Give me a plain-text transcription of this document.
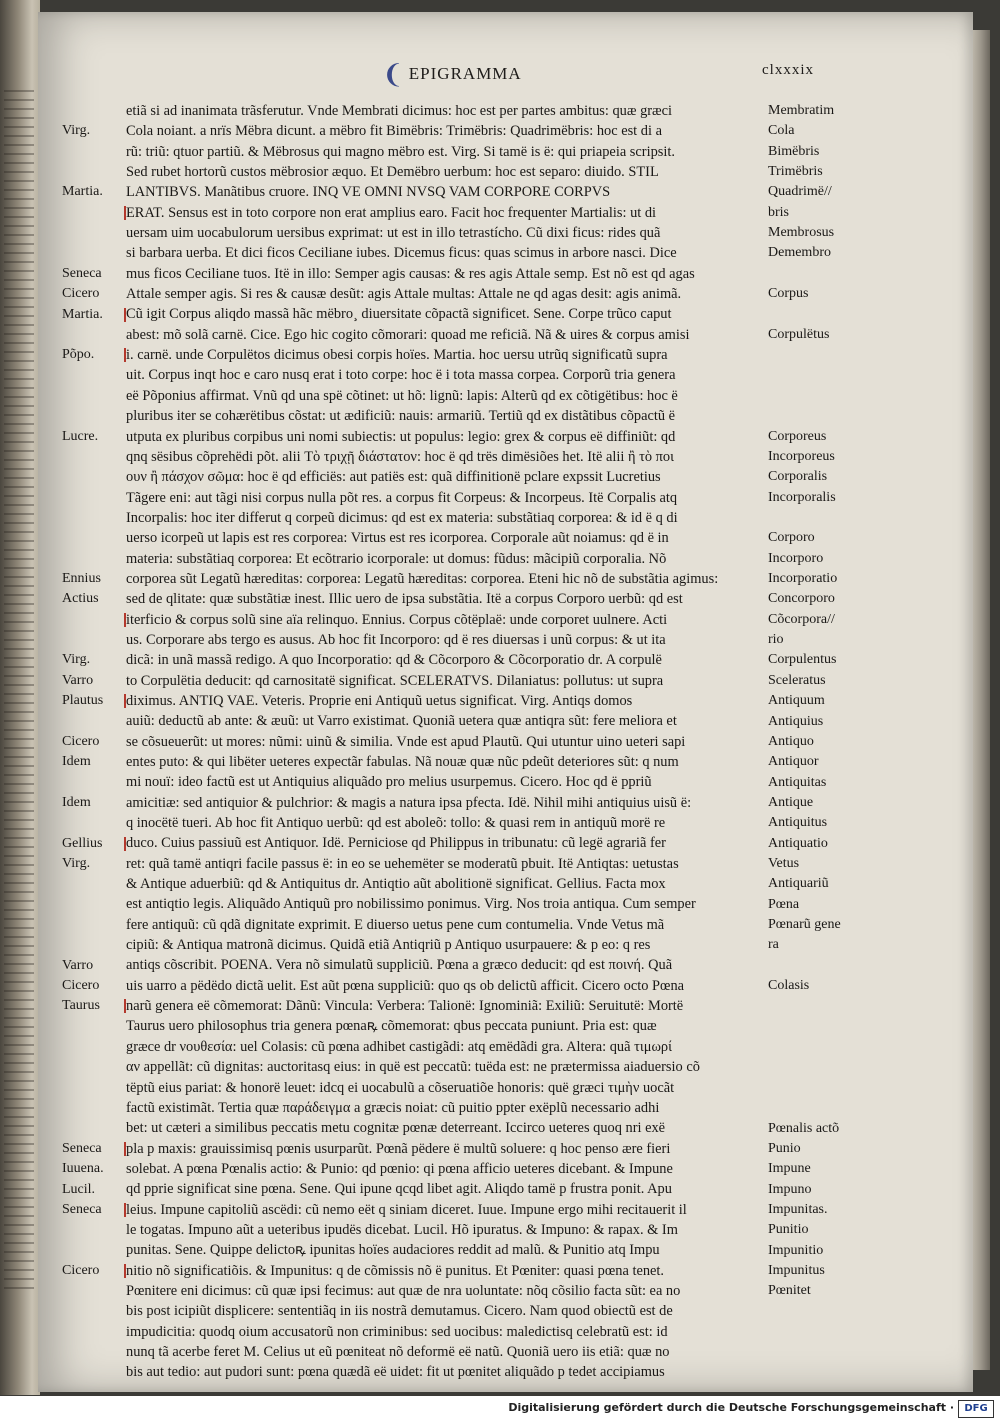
❨ EPIGRAMMA	clxxxix
etiã si ad inanimata trãsferutur. Vnde Membrati dicimus: hoc est per partes ambitus: quæ græci
Cola noiant. a nrïs Mëbra dicunt. a mëbro fit Bimëbris: Trimëbris: Quadrimëbris: hoc est di a
rũ: triũ: qtuor partiũ. & Mëbrosus qui magno mëbro est. Virg. Si tamë is ë: qui priapeia scripsit.
Sed rubet hortorũ custos mëbrosior æquo. Et Demëbro uerbum: hoc est separo: diuido. STIL
LANTIBVS. Manãtibus cruore. INQ VE OMNI NVSQ VAM CORPORE CORPVS
ERAT. Sensus est in toto corpore non erat amplius earo. Facit hoc frequenter Martialis: ut di
uersam uim uocabulorum uersibus exprimat: ut est in illo tetrastícho. Cũ dixi ficus: rides quã
si barbara uerba. Et dici ficos Ceciliane iubes. Dicemus ficus: quas scimus in arbore nasci. Dice
mus ficos Ceciliane tuos. Itë in illo: Semper agis causas: & res agis Attale semp. Est nõ est qd agas
Attale semper agis. Si res & causæ desũt: agis Attale multas: Attale ne qd agas desit: agis animã.
Cũ igit Corpus aliqdo massã hãc mëbro¸ diuersitate cõpactã significet. Sene. Corpe trũco caput
abest: mõ solã carnë. Cice. Ego hic cogito cõmorari: quoad me reficiã. Nã & uires & corpus amisi
i. carnë. unde Corpulëtos dicimus obesi corpis hoïes. Martia. hoc uersu utrũq significatũ supra
uit. Corpus inqt hoc e caro nusq erat i toto corpe: hoc ë i tota massa corpea. Corporũ tria genera
eë Põponius affirmat. Vnũ qd una spë cõtinet: ut hõ: lignũ: lapis: Alterũ qd ex cõtigëtibus: hoc ë
pluribus iter se cohærëtibus cõstat: ut ædificiũ: nauis: armariũ. Tertiũ qd ex distãtibus cõpactũ ë
utputa ex pluribus corpibus uni nomi subiectis: ut populus: legio: grex & corpus eë diffiniũt: qd
qnq sësibus cõprehëdi põt. alii Τὸ τριχῇ διάστατον: hoc ë qd trës dimësiões het. Itë alii ἢ τὸ ποι
ουν ἢ πάσχον σῶμα: hoc ë qd efficiës: aut patiës est: quã diffinitionë pclare expssit Lucretius
Tãgere eni: aut tãgi nisi corpus nulla põt res. a corpus fit Corpeus: & Incorpeus. Itë Corpalis atq
Incorpalis: hoc iter differut q corpeũ dicimus: qd est ex materia: substãtiaq corporea: & id ë q di
uerso icorpeũ ut lapis est res corporea: Virtus est res icorporea. Corporale aũt noiamus: qd ë in
materia: substãtiaq corporea: Et ecõtrario icorporale: ut domus: fũdus: mãcipiũ corporalia. Nõ
corporea sũt Legatũ hæreditas: corporea: Legatũ hæreditas: corporea. Eteni hic nõ de substãtia agimus:
sed de qlitate: quæ substãtiæ inest. Illic uero de ipsa substãtia. Itë a corpus Corporo uerbũ: qd est
iterficio & corpus solũ sine aïa relinquo. Ennius. Corpus cõtëplaë: unde corporet uulnere. Acti
us. Corporare abs tergo es ausus. Ab hoc fit Incorporo: qd ë res diuersas i unũ corpus: & ut ita
dicã: in unã massã redigo. A quo Incorporatio: qd & Cõcorporo & Cõcorporatio dr. A corpulë
to Corpulëtia deducit: qd carnositatë significat. SCELERATVS. Dilaniatus: pollutus: ut supra
diximus. ANTIQ VAE. Veteris. Proprie eni Antiquũ uetus significat. Virg. Antiqs domos
auiũ: deductũ ab ante: & æuũ: ut Varro existimat. Quoniã uetera quæ antiqra sũt: fere meliora et
se cõsueuerũt: ut mores: nũmi: uinũ & similia. Vnde est apud Plautũ. Qui utuntur uino ueteri sapi
entes puto: & qui libëter ueteres expectãr fabulas. Nã nouæ quæ nũc pdeũt deteriores sũt: q num
mi nouï: ideo factũ est ut Antiquius aliquãdo pro melius usurpemus. Cicero. Hoc qd ë ppriũ
amicitiæ: sed antiquior & pulchrior: & magis a natura ipsa pfecta. Idë. Nihil mihi antiquius uisũ ë:
q inocëtë tueri. Ab hoc fit Antiquo uerbũ: qd est aboleõ: tollo: & quasi rem in antiquũ morë re
duco. Cuius passiuũ est Antiquor. Idë. Perniciose qd Philippus in tribunatu: cũ legë agrariã fer
ret: quã tamë antiqri facile passus ë: in eo se uehemëter se moderatũ pbuit. Itë Antiqtas: uetustas
& Antique aduerbiũ: qd & Antiquitus dr. Antiqtio aũt abolitionë significat. Gellius. Facta mox
est antiqtio legis. Aliquãdo Antiquũ pro nobilissimo ponimus. Virg. Nos troia antiqua. Cum semper
fere antiquũ: cũ qdã dignitate exprimit. E diuerso uetus pene cum contumelia. Vnde Vetus mã
cipiũ: & Antiqua matronã dicimus. Quidã etiã Antiqriũ p Antiquo usurpauere: & p eo: q res
antiqs cõscribit. POENA. Vera nõ simulatũ suppliciũ. Pœna a græco deducit: qd est ποινή. Quã
uis uarro a pëdëdo dictã uelit. Est aũt pœna suppliciũ: quo qs ob delictũ afficit. Cicero octo Pœna
narũ genera eë cõmemorat: Dãnũ: Vincula: Verbera: Talionë: Ignominiã: Exiliũ: Seruitutë: Mortë
Taurus uero philosophus tria genera pœnaꝶ cõmemorat: qbus peccata puniunt. Pria est: quæ
græce dr νουθεσία: uel Colasis: cũ pœna adhibet castigãdi: atq emëdãdi gra. Altera: quã τιμωρί
αν appellãt: cũ dignitas: auctoritasq eius: in quë est peccatũ: tuëda est: ne prætermissa aiaduersio cõ
tëptũ eius pariat: & honorë leuet: idcq ei uocabulũ a cõseruatiõe honoris: quë græci τιμὴν uocãt
factũ existimãt. Tertia quæ παράδειγμα a græcis noiat: cũ puitio ppter exëplũ necessario adhi
bet: ut cæteri a similibus peccatis metu cognitæ pœnæ deterreant. Iccirco ueteres quoq nri exë
pla p maxis: grauissimisq pœnis usurparũt. Pœnã pëdere ë multũ soluere: q hoc penso ære fieri
solebat. A pœna Pœnalis actio: & Punio: qd pœnio: qi pœna afficio ueteres dicebant. & Impune
qd pprie significat sine pœna. Sene. Qui ipune qcqd libet agit. Aliqdo tamë p frustra ponit. Apu
leius. Impune capitoliũ ascëdi: cũ nemo eët q siniam diceret. Iuue. Impune ergo mihi recitauerit il
le togatas. Impuno aũt a ueteribus ipudës dicebat. Lucil. Hõ ipuratus. & Impuno: & rapax. & Im
punitas. Sene. Quippe delictoꝶ ipunitas hoïes audaciores reddit ad malũ. & Punitio atq Impu
nitio nõ significatiõis. & Impunitus: q de cõmissis nõ ë punitus. Et Pœniter: quasi pœna tenet.
Pœnitere eni dicimus: cũ quæ ipsi fecimus: aut quæ de nra uoluntate: nõq cõsilio facta sũt: ea no
bis post icipiũt displicere: sententiãq in iis nostrã demutamus. Cicero. Nam quod obiectũ est de
impudicitia: quodq oium accusatorũ non criminibus: sed uocibus: maledictisq celebratũ est: id
nunq tã acerbe feret M. Celius ut eũ pœniteat nõ deformë eë natũ. Quoniã uero iis etiã: quæ no
bis aut tedio: aut pudori sunt: pœna quædã eë uidet: fit ut pœnitet aliquãdo p tedet accipiamus
Virg.
Martia.
Seneca
Cicero
Martia.
Põpo.
Lucre.
Ennius
Actius
Virg.
Varro
Plautus
Cicero
Idem
Idem
Gellius
Virg.
Varro
Cicero
Taurus
Seneca
Iuuena.
Lucil.
Seneca
Cicero
Membratim
Cola
Bimëbris
Trimëbris
Quadrimë//
bris
Membrosus
Demembro
Corpus
Corpulëtus
Corporeus
Incorporeus
Corporalis
Incorporalis
Corporo
Incorporo
Incorporatio
Concorporo
Cõcorpora//
rio
Corpulentus
Sceleratus
Antiquum
Antiquius
Antiquo
Antiquor
Antiquitas
Antique
Antiquitus
Antiquatio
Vetus
Antiquariũ
Pœna
Pœnarũ gene
ra
Colasis
Pœnalis actõ
Punio
Impune
Impuno
Impunitas.
Punitio
Impunitio
Impunitus
Pœnitet
Digitalisierung gefördert durch die Deutsche Forschungsgemeinschaft ·	DFG
